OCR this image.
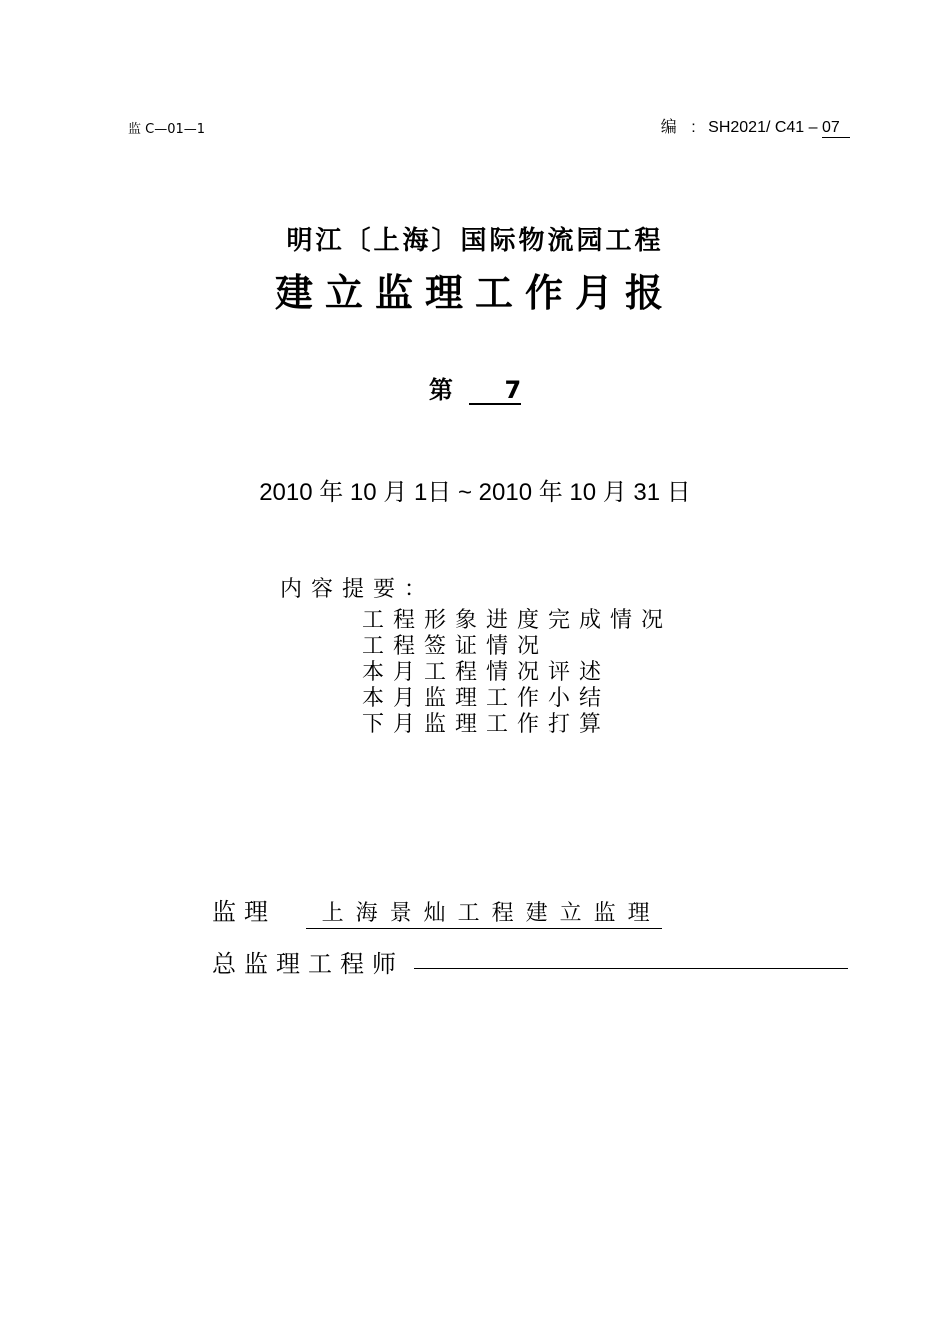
监 C—01—1	编 : SH2021/ C41 – 07
明江〔上海〕国际物流园工程
建立监理工作月报
第 7
2010 年 10 月 1日 ~ 2010 年 10 月 31 日
内容提要：
工程形象进度完成情况
工程签证情况
本月工程情况评述
本月监理工作小结
下月监理工作打算
监理 上海景灿工程建立监理
总监理工程师
